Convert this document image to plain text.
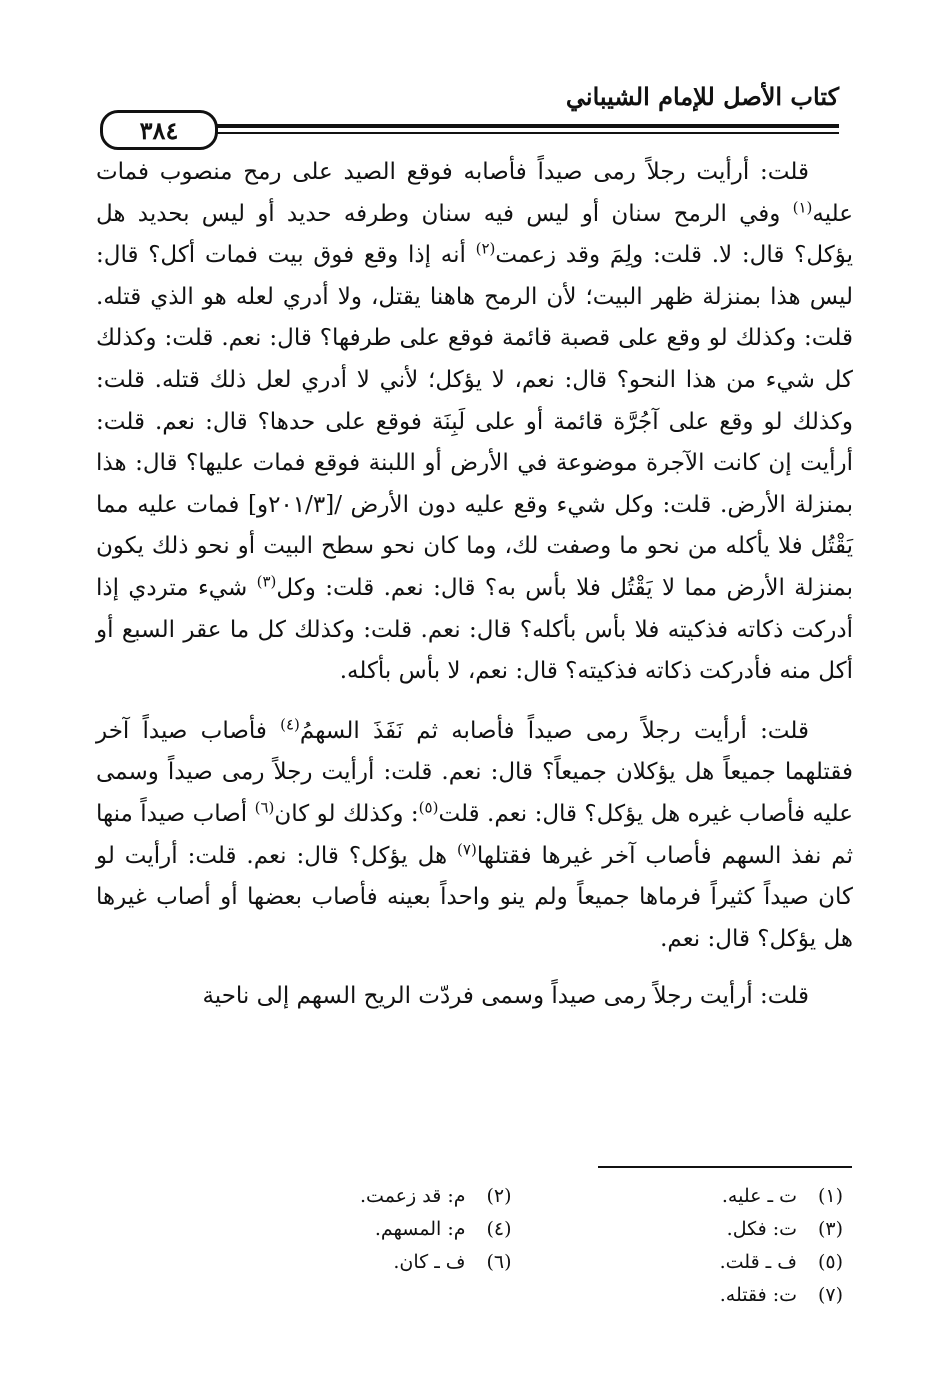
كتاب الأصل للإمام الشيباني
٣٨٤

قلت: أرأيت رجلاً رمى صيداً فأصابه فوقع الصيد على رمح منصوب فمات عليه$^{(١)}$ وفي الرمح سنان أو ليس فيه سنان وطرفه حديد أو ليس بحديد هل يؤكل؟ قال: لا. قلت: ولِمَ وقد زعمت$^{(٢)}$ أنه إذا وقع فوق بيت فمات أكل؟ قال: ليس هذا بمنزلة ظهر البيت؛ لأن الرمح هاهنا يقتل، ولا أدري لعله هو الذي قتله. قلت: وكذلك لو وقع على قصبة قائمة فوقع على طرفها؟ قال: نعم. قلت: وكذلك كل شيء من هذا النحو؟ قال: نعم، لا يؤكل؛ لأني لا أدري لعل ذلك قتله. قلت: وكذلك لو وقع على آجُرَّة قائمة أو على لَبِنَة فوقع على حدها؟ قال: نعم. قلت: أرأيت إن كانت الآجرة موضوعة في الأرض أو اللبنة فوقع فمات عليها؟ قال: هذا بمنزلة الأرض. قلت: وكل شيء وقع عليه دون الأرض /[٢٠١/٣و] فمات عليه مما يَقْتُل فلا يأكله من نحو ما وصفت لك، وما كان نحو سطح البيت أو نحو ذلك يكون بمنزلة الأرض مما لا يَقْتُل فلا بأس به؟ قال: نعم. قلت: وكل$^{(٣)}$ شيء متردي إذا أدركت ذكاته فذكيته فلا بأس بأكله؟ قال: نعم. قلت: وكذلك كل ما عقر السبع أو أكل منه فأدركت ذكاته فذكيته؟ قال: نعم، لا بأس بأكله.

قلت: أرأيت رجلاً رمى صيداً فأصابه ثم نَفَذَ السهمُ$^{(٤)}$ فأصاب صيداً آخر فقتلهما جميعاً هل يؤكلان جميعاً؟ قال: نعم. قلت: أرأيت رجلاً رمى صيداً وسمى عليه فأصاب غيره هل يؤكل؟ قال: نعم. قلت$^{(٥)}$: وكذلك لو كان$^{(٦)}$ أصاب صيداً منها ثم نفذ السهم فأصاب آخر غيرها فقتلها$^{(٧)}$ هل يؤكل؟ قال: نعم. قلت: أرأيت لو كان صيداً كثيراً فرماها جميعاً ولم ينو واحداً بعينه فأصاب بعضها أو أصاب غيرها هل يؤكل؟ قال: نعم.

قلت: أرأيت رجلاً رمى صيداً وسمى فردّت الريح السهم إلى ناحية

(١)ت ـ عليه.
(٢)م: قد زعمت.
(٣)ت: فكل.
(٤)م: المسهم.
(٥)ف ـ قلت.
(٦)ف ـ كان.
(٧)ت: فقتله.
